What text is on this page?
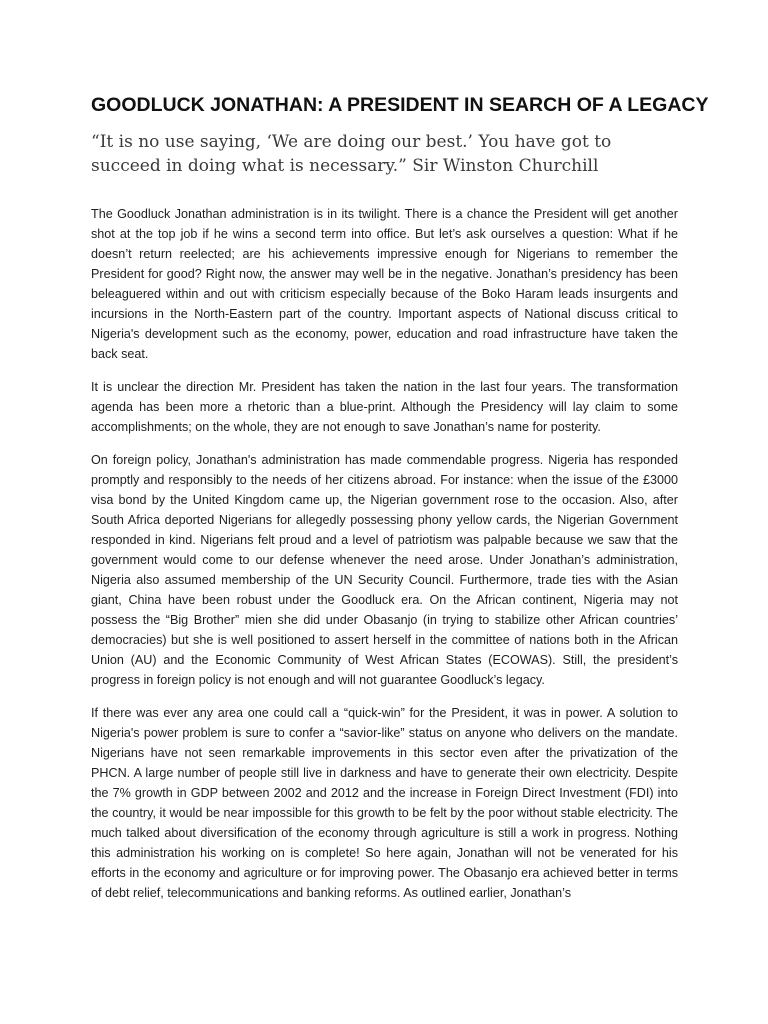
GOODLUCK JONATHAN: A PRESIDENT IN SEARCH OF A LEGACY

“It is no use saying, ‘We are doing our best.’ You have got to succeed in doing what is necessary.” Sir Winston Churchill

The Goodluck Jonathan administration is in its twilight. There is a chance the President will get another shot at the top job if he wins a second term into office. But let’s ask ourselves a question: What if he doesn’t return reelected; are his achievements impressive enough for Nigerians to remember the President for good? Right now, the answer may well be in the negative. Jonathan’s presidency has been beleaguered within and out with criticism especially because of the Boko Haram leads insurgents and incursions in the North-Eastern part of the country. Important aspects of National discuss critical to Nigeria's development such as the economy, power, education and road infrastructure have taken the back seat.

It is unclear the direction Mr. President has taken the nation in the last four years. The transformation agenda has been more a rhetoric than a blue-print. Although the Presidency will lay claim to some accomplishments; on the whole, they are not enough to save Jonathan’s name for posterity.

On foreign policy, Jonathan's administration has made commendable progress. Nigeria has responded promptly and responsibly to the needs of her citizens abroad. For instance: when the issue of the £3000 visa bond by the United Kingdom came up, the Nigerian government rose to the occasion. Also, after South Africa deported Nigerians for allegedly possessing phony yellow cards, the Nigerian Government responded in kind. Nigerians felt proud and a level of patriotism was palpable because we saw that the government would come to our defense whenever the need arose. Under Jonathan’s administration, Nigeria also assumed membership of the UN Security Council. Furthermore, trade ties with the Asian giant, China have been robust under the Goodluck era. On the African continent, Nigeria may not possess the “Big Brother” mien she did under Obasanjo (in trying to stabilize other African countries’ democracies) but she is well positioned to assert herself in the committee of nations both in the African Union (AU) and the Economic Community of West African States (ECOWAS). Still, the president’s progress in foreign policy is not enough and will not guarantee Goodluck’s legacy.

If there was ever any area one could call a “quick-win” for the President, it was in power. A solution to Nigeria's power problem is sure to confer a “savior-like” status on anyone who delivers on the mandate. Nigerians have not seen remarkable improvements in this sector even after the privatization of the PHCN. A large number of people still live in darkness and have to generate their own electricity. Despite the 7% growth in GDP between 2002 and 2012 and the increase in Foreign Direct Investment (FDI) into the country, it would be near impossible for this growth to be felt by the poor without stable electricity. The much talked about diversification of the economy through agriculture is still a work in progress. Nothing this administration his working on is complete! So here again, Jonathan will not be venerated for his efforts in the economy and agriculture or for improving power. The Obasanjo era achieved better in terms of debt relief, telecommunications and banking reforms. As outlined earlier, Jonathan’s
